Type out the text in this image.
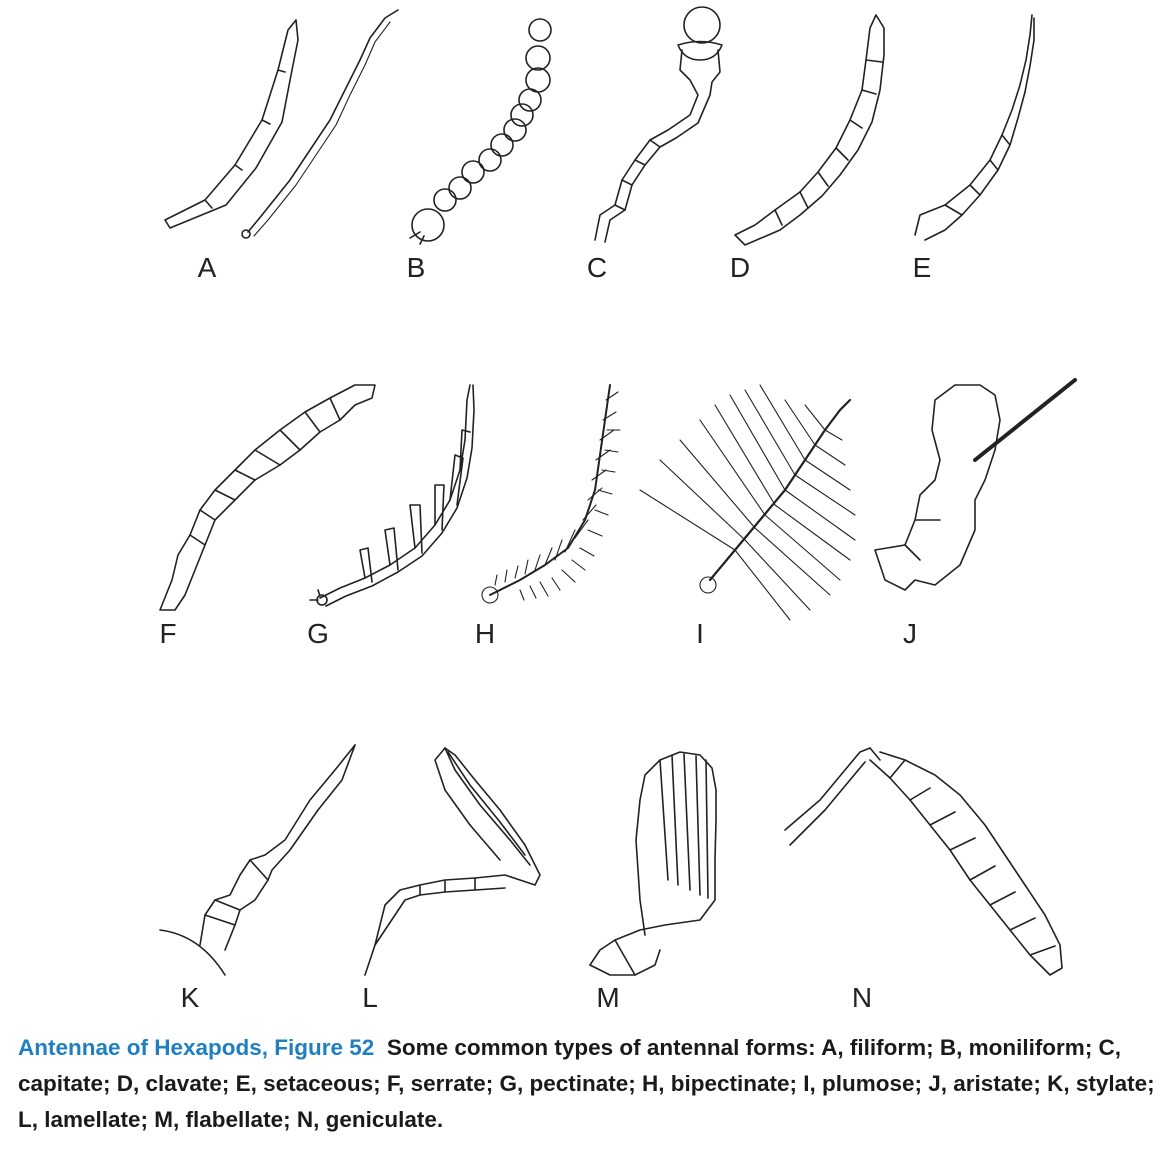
A	B	C	D	E
F	G	H	I	J
K	L	M	N
Antennae of Hexapods, Figure 52 Some common types of antennal forms: A, filiform; B, moniliform; C, capitate; D, clavate; E, setaceous; F, serrate; G, pectinate; H, bipectinate; I, plumose; J, aristate; K, stylate; L, lamellate; M, flabellate; N, geniculate.
